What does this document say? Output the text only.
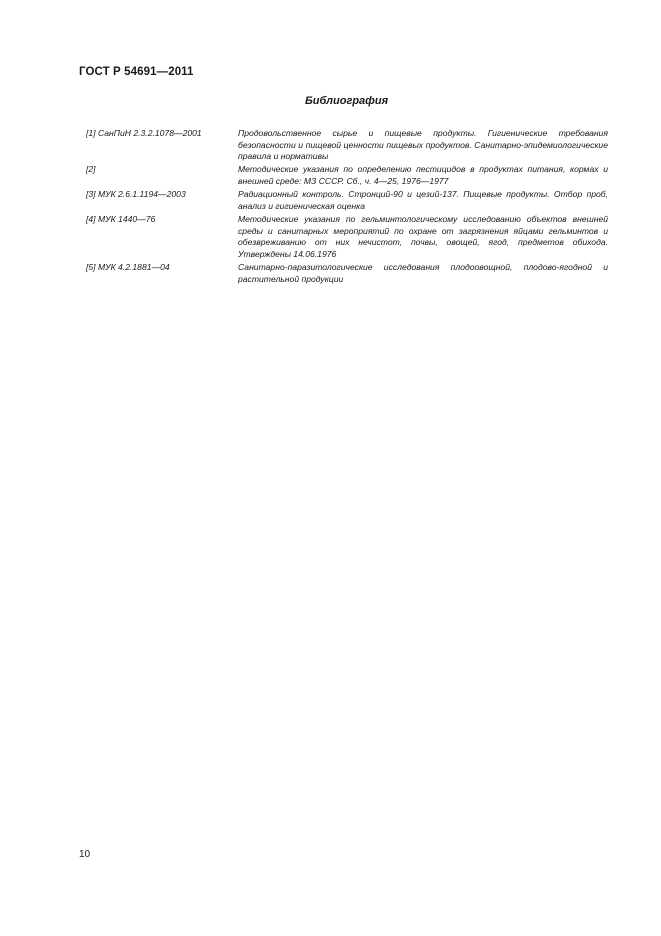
ГОСТ Р 54691—2011
Библиография
[1] СанПиН 2.3.2.1078—2001	Продовольственное сырье и пищевые продукты. Гигиенические требования безопасности и пищевой ценности пищевых продуктов. Санитарно-эпидемиологические правила и нормативы
[2]	Методические указания по определению пестицидов в продуктах питания, кормах и внешней среде: МЗ СССР. Сб., ч. 4—25, 1976—1977
[3] МУК 2.6.1.1194—2003	Радиационный контроль. Стронций-90 и цезий-137. Пищевые продукты. Отбор проб, анализ и гигиеническая оценка
[4] МУК 1440—76	Методические указания по гельминтологическому исследованию объектов внешней среды и санитарных мероприятий по охране от загрязнения яйцами гельминтов и обезвреживанию от них нечистот, почвы, овощей, ягод, предметов обихода. Утверждены 14.06.1976
[5] МУК 4.2.1881—04	Санитарно-паразитологические исследования плодоовощной, плодово-ягодной и растительной продукции
10
